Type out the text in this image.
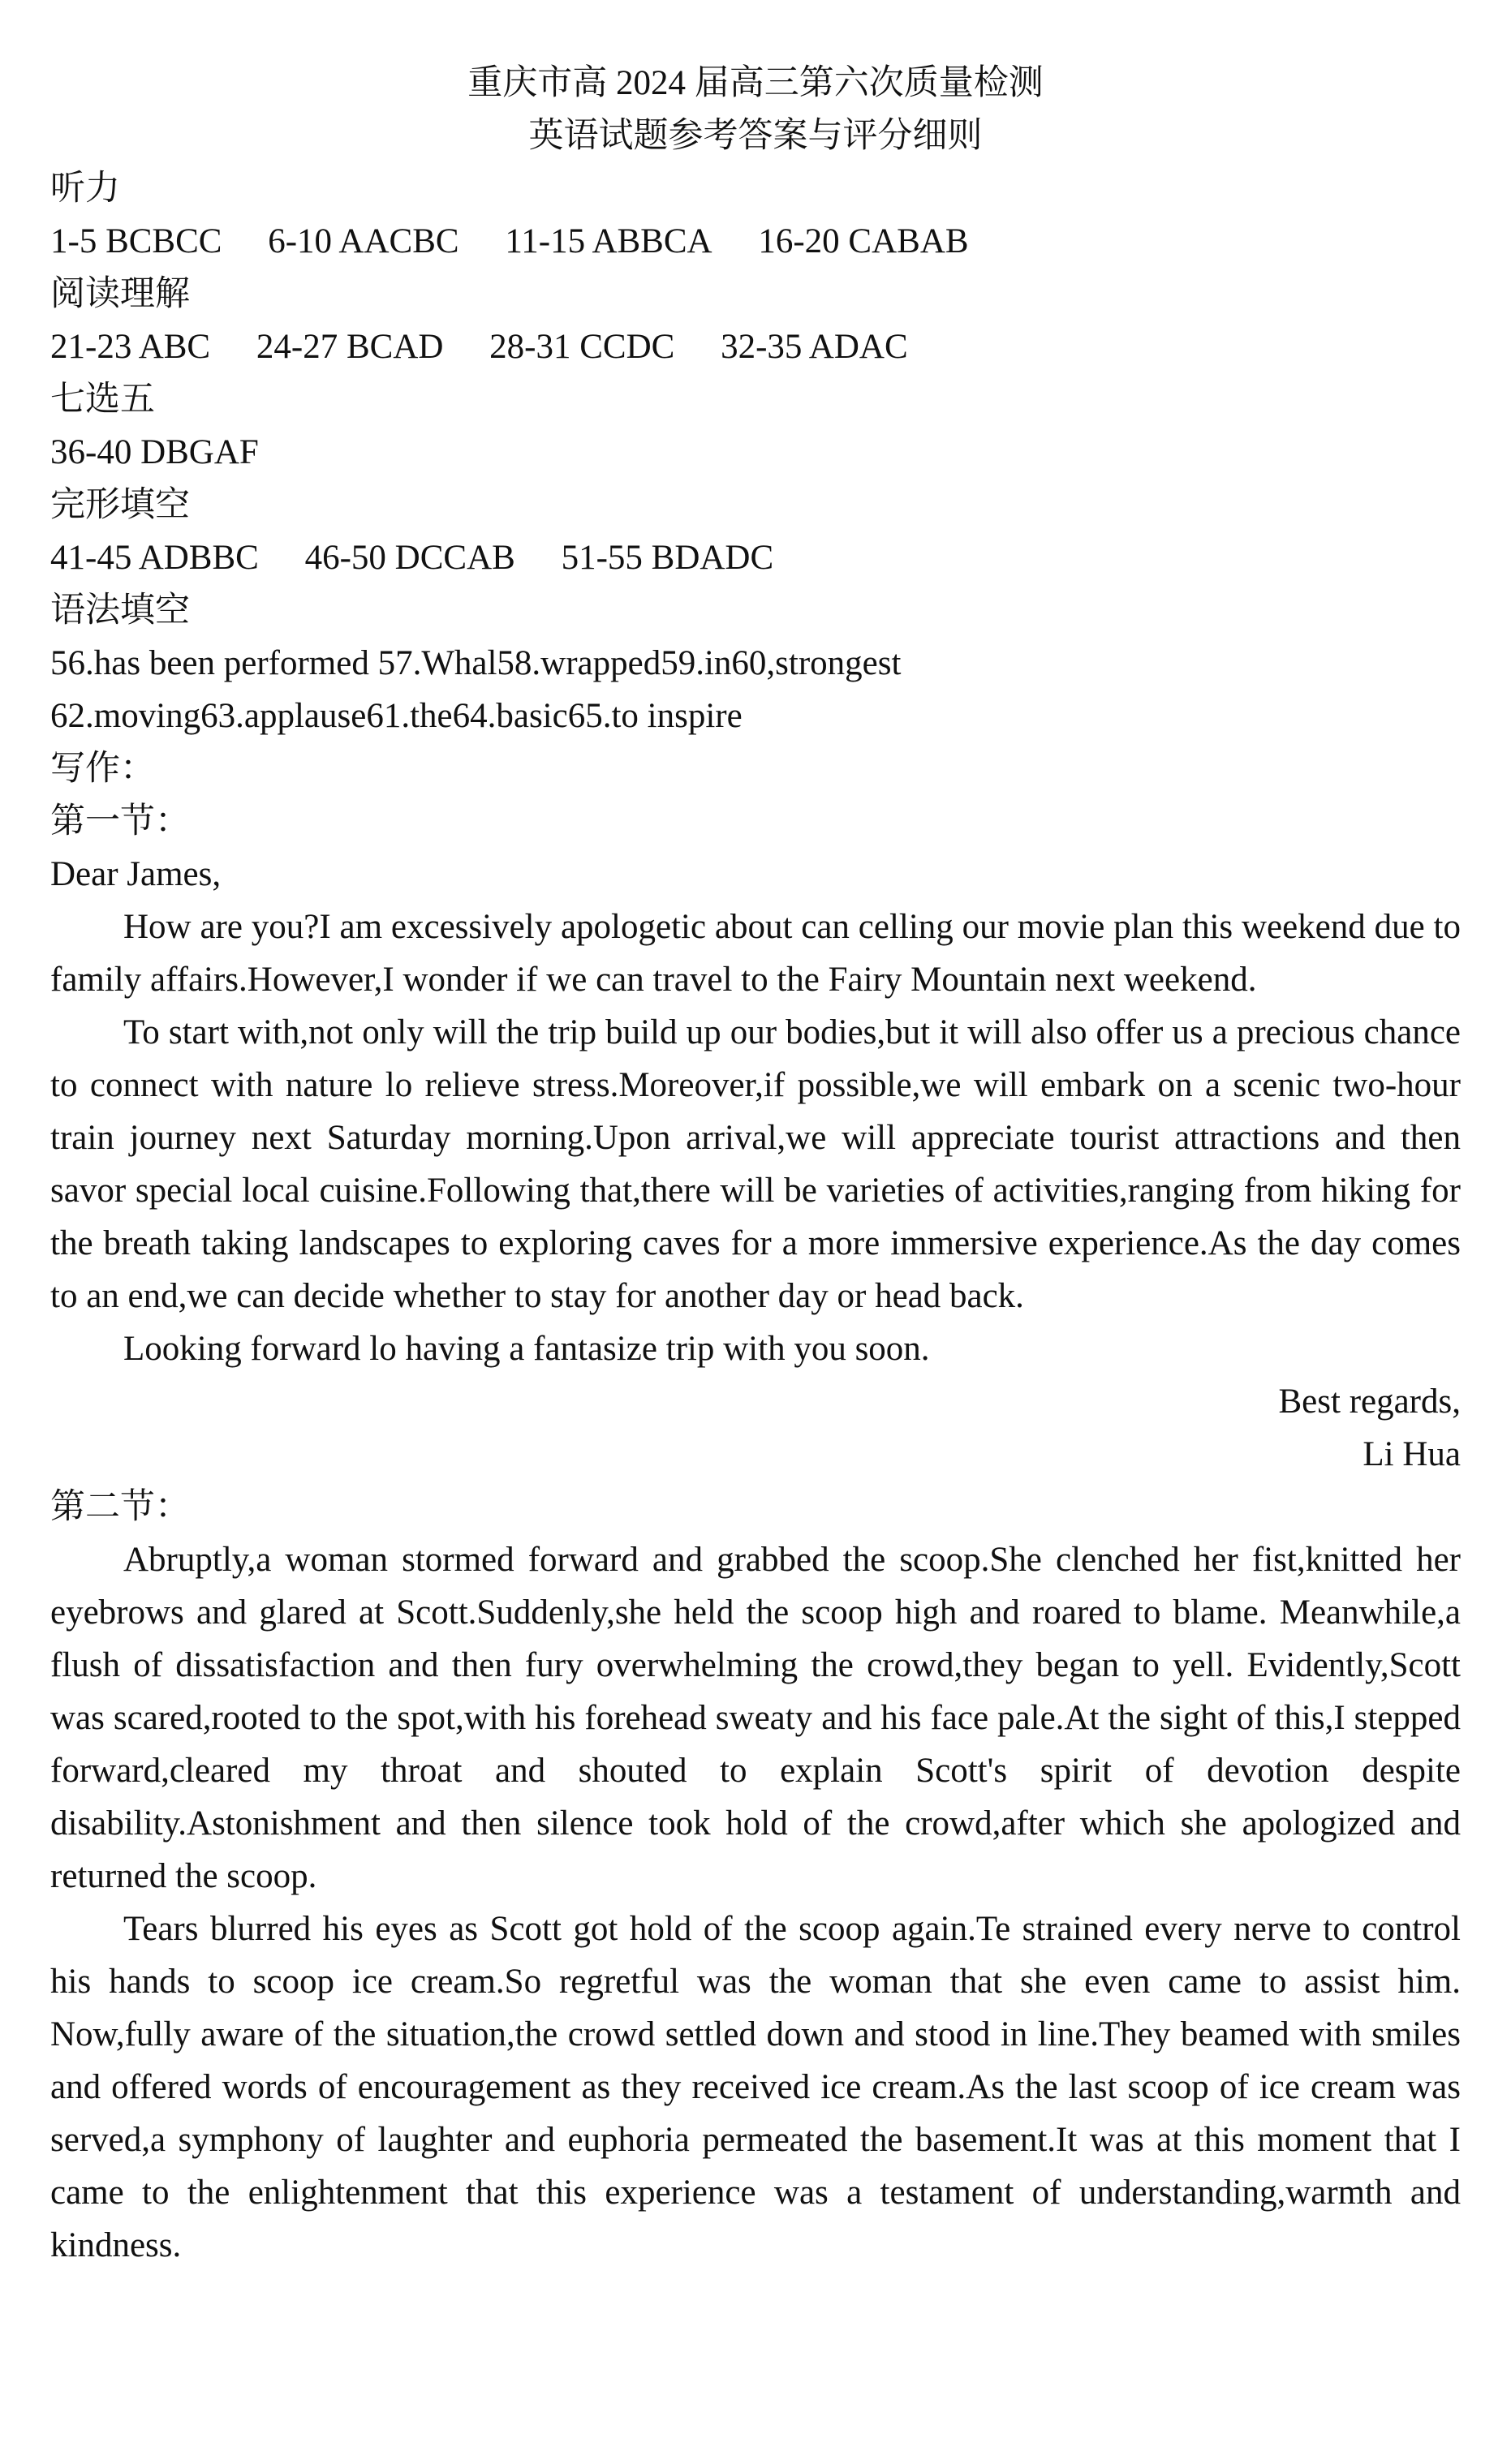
重庆市高 2024 届高三第六次质量检测
英语试题参考答案与评分细则
听力
1-5 BCBCC 6-10 AACBC 11-15 ABBCA 16-20 CABAB
阅读理解
21-23 ABC 24-27 BCAD 28-31 CCDC 32-35 ADAC
七选五
36-40 DBGAF
完形填空
41-45 ADBBC 46-50 DCCAB 51-55 BDADC
语法填空
56.has been performed 57.Whal58.wrapped59.in60,strongest
62.moving63.applause61.the64.basic65.to inspire
写作：
第一节：
Dear James,

How are you?I am excessively apologetic about can celling our movie plan this weekend due to family affairs.However,I wonder if we can travel to the Fairy Mountain next weekend.

To start with,not only will the trip build up our bodies,but it will also offer us a precious chance to connect with nature lo relieve stress.Moreover,if possible,we will embark on a scenic two-hour train journey next Saturday morning.Upon arrival,we will appreciate tourist attractions and then savor special local cuisine.Following that,there will be varieties of activities,ranging from hiking for the breath taking landscapes to exploring caves for a more immersive experience.As the day comes to an end,we can decide whether to stay for another day or head back.

Looking forward lo having a fantasize trip with you soon.

Best regards,
Li Hua
第二节：

Abruptly,a woman stormed forward and grabbed the scoop.She clenched her fist,knitted her eyebrows and glared at Scott.Suddenly,she held the scoop high and roared to blame. Meanwhile,a flush of dissatisfaction and then fury overwhelming the crowd,they began to yell. Evidently,Scott was scared,rooted to the spot,with his forehead sweaty and his face pale.At the sight of this,I stepped forward,cleared my throat and shouted to explain Scott's spirit of devotion despite disability.Astonishment and then silence took hold of the crowd,after which she apologized and returned the scoop.

Tears blurred his eyes as Scott got hold of the scoop again.Te strained every nerve to control his hands to scoop ice cream.So regretful was the woman that she even came to assist him. Now,fully aware of the situation,the crowd settled down and stood in line.They beamed with smiles and offered words of encouragement as they received ice cream.As the last scoop of ice cream was served,a symphony of laughter and euphoria permeated the basement.It was at this moment that I came to the enlightenment that this experience was a testament of understanding,warmth and kindness.
